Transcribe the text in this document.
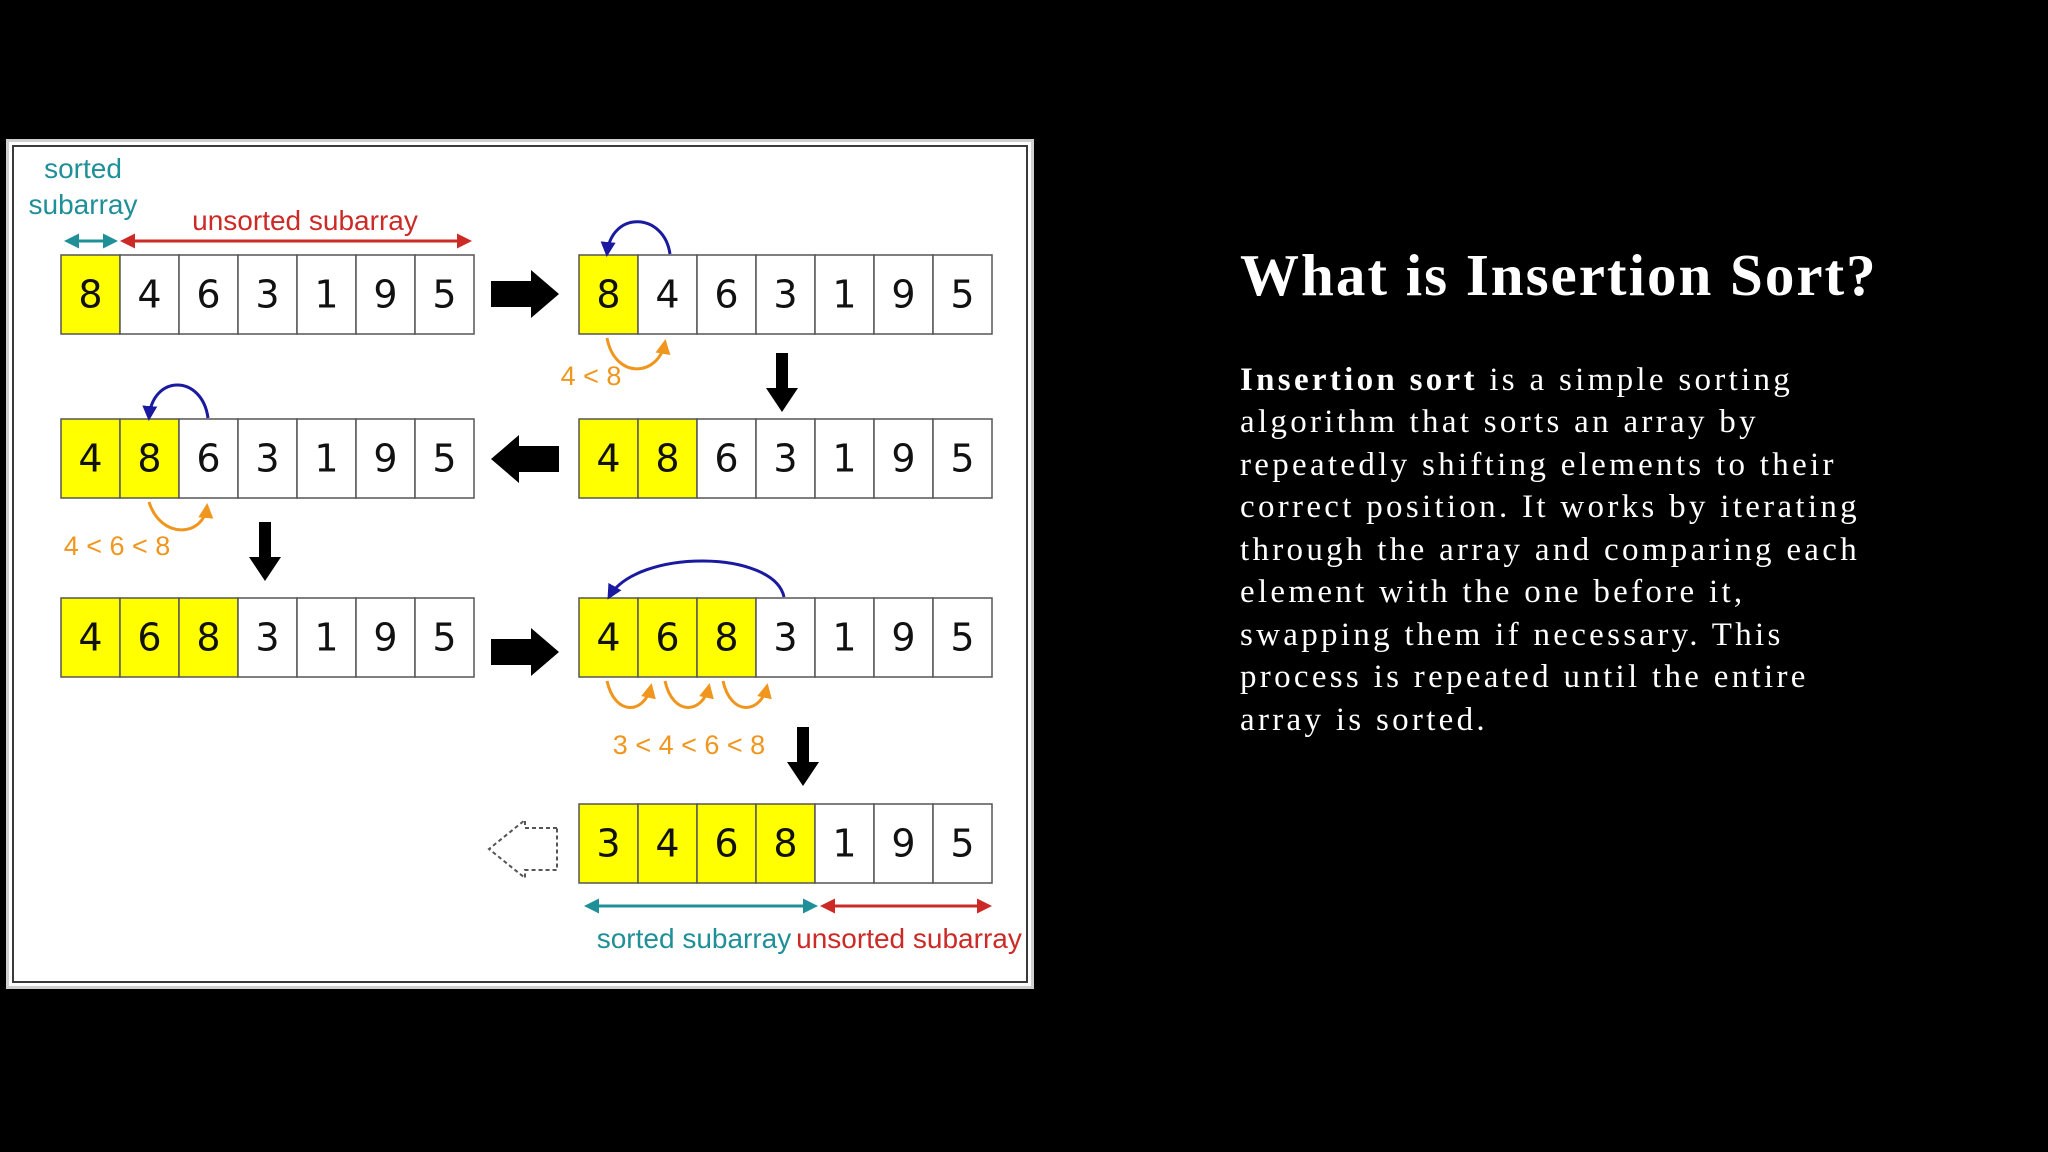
sorted
subarray
unsorted subarray
8 4 6 3 1 9 5	8 4 6 3 1 9 5
4 8 6 3 1 9 5	4 8 6 3 1 9 5
4 6 8 3 1 9 5	4 6 8 3 1 9 5
3 4 6 8 1 9 5
4 < 8
4 < 6 < 8
3 < 4 < 6 < 8
sorted subarray unsorted subarray
What is Insertion Sort?

Insertion sort is a simple sorting algorithm that sorts an array by repeatedly shifting elements to their correct position. It works by iterating through the array and comparing each element with the one before it, swapping them if necessary. This process is repeated until the entire array is sorted.
